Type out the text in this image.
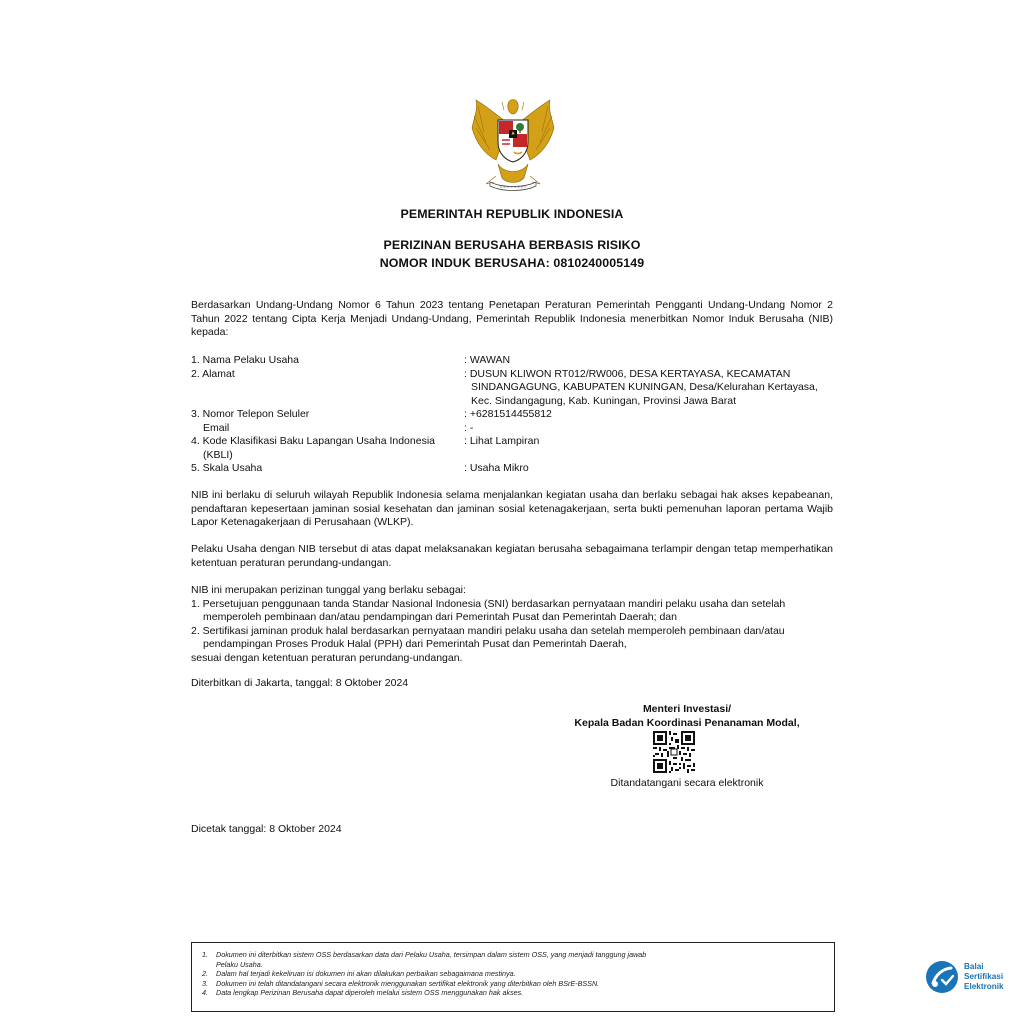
PEMERINTAH REPUBLIK INDONESIA
PERIZINAN BERUSAHA BERBASIS RISIKO
NOMOR INDUK BERUSAHA: 0810240005149

Berdasarkan Undang-Undang Nomor 6 Tahun 2023 tentang Penetapan Peraturan Pemerintah Pengganti Undang-Undang Nomor 2 Tahun 2022 tentang Cipta Kerja Menjadi Undang-Undang, Pemerintah Republik Indonesia menerbitkan Nomor Induk Berusaha (NIB) kepada:

1. Nama Pelaku Usaha	: WAWAN
2. Alamat	: DUSUN KLIWON RT012/RW006, DESA KERTAYASA, KECAMATAN
SINDANGAGUNG, KABUPATEN KUNINGAN, Desa/Kelurahan Kertayasa,
Kec. Sindangagung, Kab. Kuningan, Provinsi Jawa Barat
3. Nomor Telepon Seluler	: +6281514455812
Email	: -
4. Kode Klasifikasi Baku Lapangan Usaha Indonesia
(KBLI)
: Lihat Lampiran
5. Skala Usaha	: Usaha Mikro

NIB ini berlaku di seluruh wilayah Republik Indonesia selama menjalankan kegiatan usaha dan berlaku sebagai hak akses kepabeanan, pendaftaran kepesertaan jaminan sosial kesehatan dan jaminan sosial ketenagakerjaan, serta bukti pemenuhan laporan pertama Wajib Lapor Ketenagakerjaan di Perusahaan (WLKP).

Pelaku Usaha dengan NIB tersebut di atas dapat melaksanakan kegiatan berusaha sebagaimana terlampir dengan tetap memperhatikan ketentuan peraturan perundang-undangan.

NIB ini merupakan perizinan tunggal yang berlaku sebagai:
1. Persetujuan penggunaan tanda Standar Nasional Indonesia (SNI) berdasarkan pernyataan mandiri pelaku usaha dan setelah
memperoleh pembinaan dan/atau pendampingan dari Pemerintah Pusat dan Pemerintah Daerah; dan
2. Sertifikasi jaminan produk halal berdasarkan pernyataan mandiri pelaku usaha dan setelah memperoleh pembinaan dan/atau
pendampingan Proses Produk Halal (PPH) dari Pemerintah Pusat dan Pemerintah Daerah,
sesuai dengan ketentuan peraturan perundang-undangan.
Diterbitkan di Jakarta, tanggal: 8 Oktober 2024
Menteri Investasi/
Kepala Badan Koordinasi Penanaman Modal,
Ditandatangani secara elektronik
Dicetak tanggal: 8 Oktober 2024
1.	Dokumen ini diterbitkan sistem OSS berdasarkan data dari Pelaku Usaha, tersimpan dalam sistem OSS, yang menjadi tanggung jawab
Pelaku Usaha.
2.	Dalam hal terjadi kekeliruan isi dokumen ini akan dilakukan perbaikan sebagaimana mestinya.
3.	Dokumen ini telah ditandatangani secara elektronik menggunakan sertifikat elektronik yang diterbitkan oleh BSrE-BSSN.
4.	Data lengkap Perizinan Berusaha dapat diperoleh melalui sistem OSS menggunakan hak akses.
Balai
Sertifikasi
Elektronik
